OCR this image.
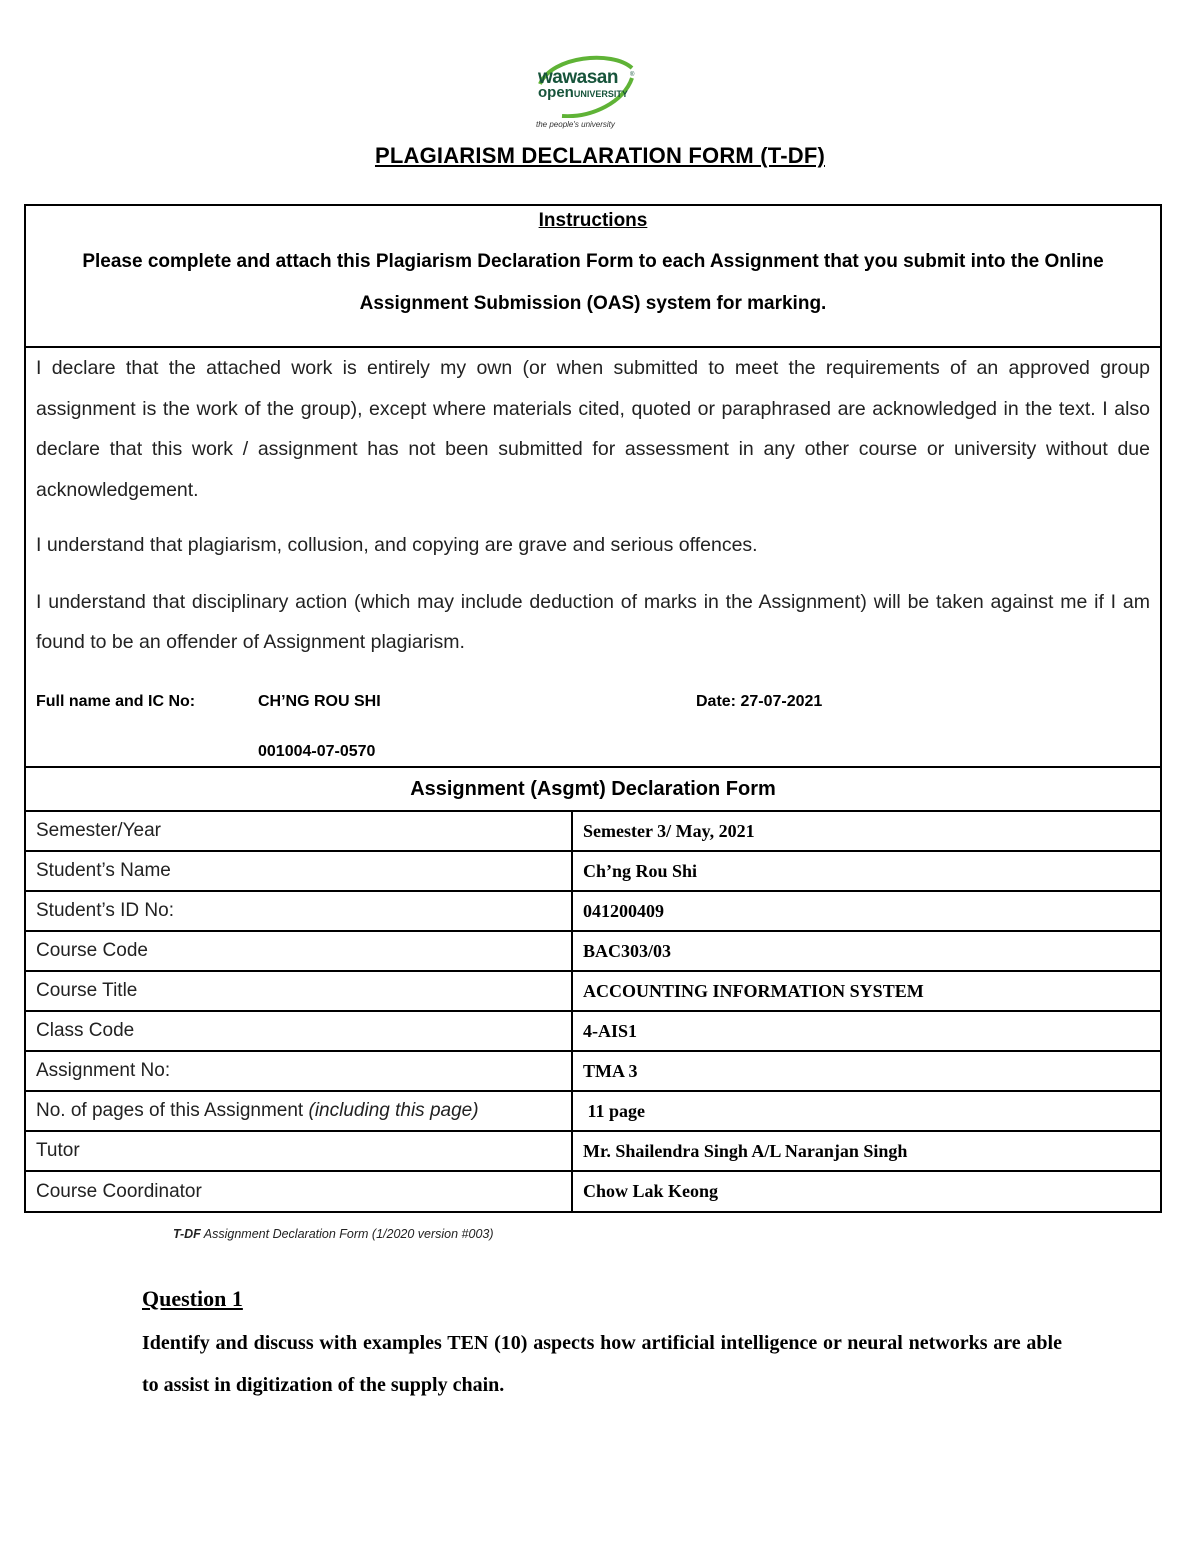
wawasan ®
openUNIVERSITY
the people's university
PLAGIARISM DECLARATION FORM (T-DF)
Instructions
Please complete and attach this Plagiarism Declaration Form to each Assignment that you submit into the Online Assignment Submission (OAS) system for marking.

I declare that the attached work is entirely my own (or when submitted to meet the requirements of an approved group assignment is the work of the group), except where materials cited, quoted or paraphrased are acknowledged in the text. I also declare that this work / assignment has not been submitted for assessment in any other course or university without due acknowledgement.

I understand that plagiarism, collusion, and copying are grave and serious offences.

I understand that disciplinary action (which may include deduction of marks in the Assignment) will be taken against me if I am found to be an offender of Assignment plagiarism.

Full name and IC No:	CH’NG ROU SHI
001004-07-0570
Date: 27-07-2021
Assignment (Asgmt) Declaration Form	
Semester/Year	Semester 3/ May, 2021
Student’s Name	Ch’ng Rou Shi
Student’s ID No:	041200409
Course Code	BAC303/03
Course Title	ACCOUNTING INFORMATION SYSTEM
Class Code	4-AIS1
Assignment No:	TMA 3
No. of pages of this Assignment (including this page)	11 page
Tutor	Mr. Shailendra Singh A/L Naranjan Singh
Course Coordinator	Chow Lak Keong
T-DF Assignment Declaration Form (1/2020 version #003)
Question 1
Identify and discuss with examples TEN (10) aspects how artificial intelligence or neural networks are able to assist in digitization of the supply chain.
